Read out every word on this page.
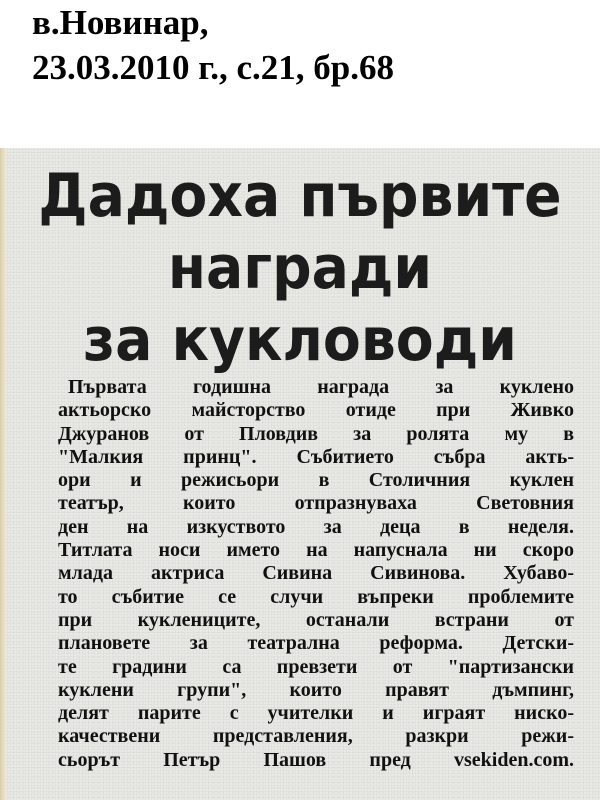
в.Новинар,
23.03.2010 г., с.21, бр.68
Дадоха първите
награди
за кукловоди
Първата годишна награда за куклено
актьорско майсторство отиде при Живко
Джуранов от Пловдив за ролята му в
"Малкия принц". Събитието събра акть-
ори и режисьори в Столичния куклен
театър, които отпразнуваха Световния
ден на изкуството за деца в неделя.
Титлата носи името на напусналa ни скоро
млада актриса Сивина Сивинова. Хубаво-
то събитие се случи въпреки проблемите
при кукленицитe, останали встрани от
плановете за театрална реформа. Детски-
те градини са превзети от "партизански
куклени групи", които правят дъмпинг,
делят парите с учителки и играят ниско-
качествени представления, разкри режи-
сьорът Петър Пашов пред vsekiden.com.
